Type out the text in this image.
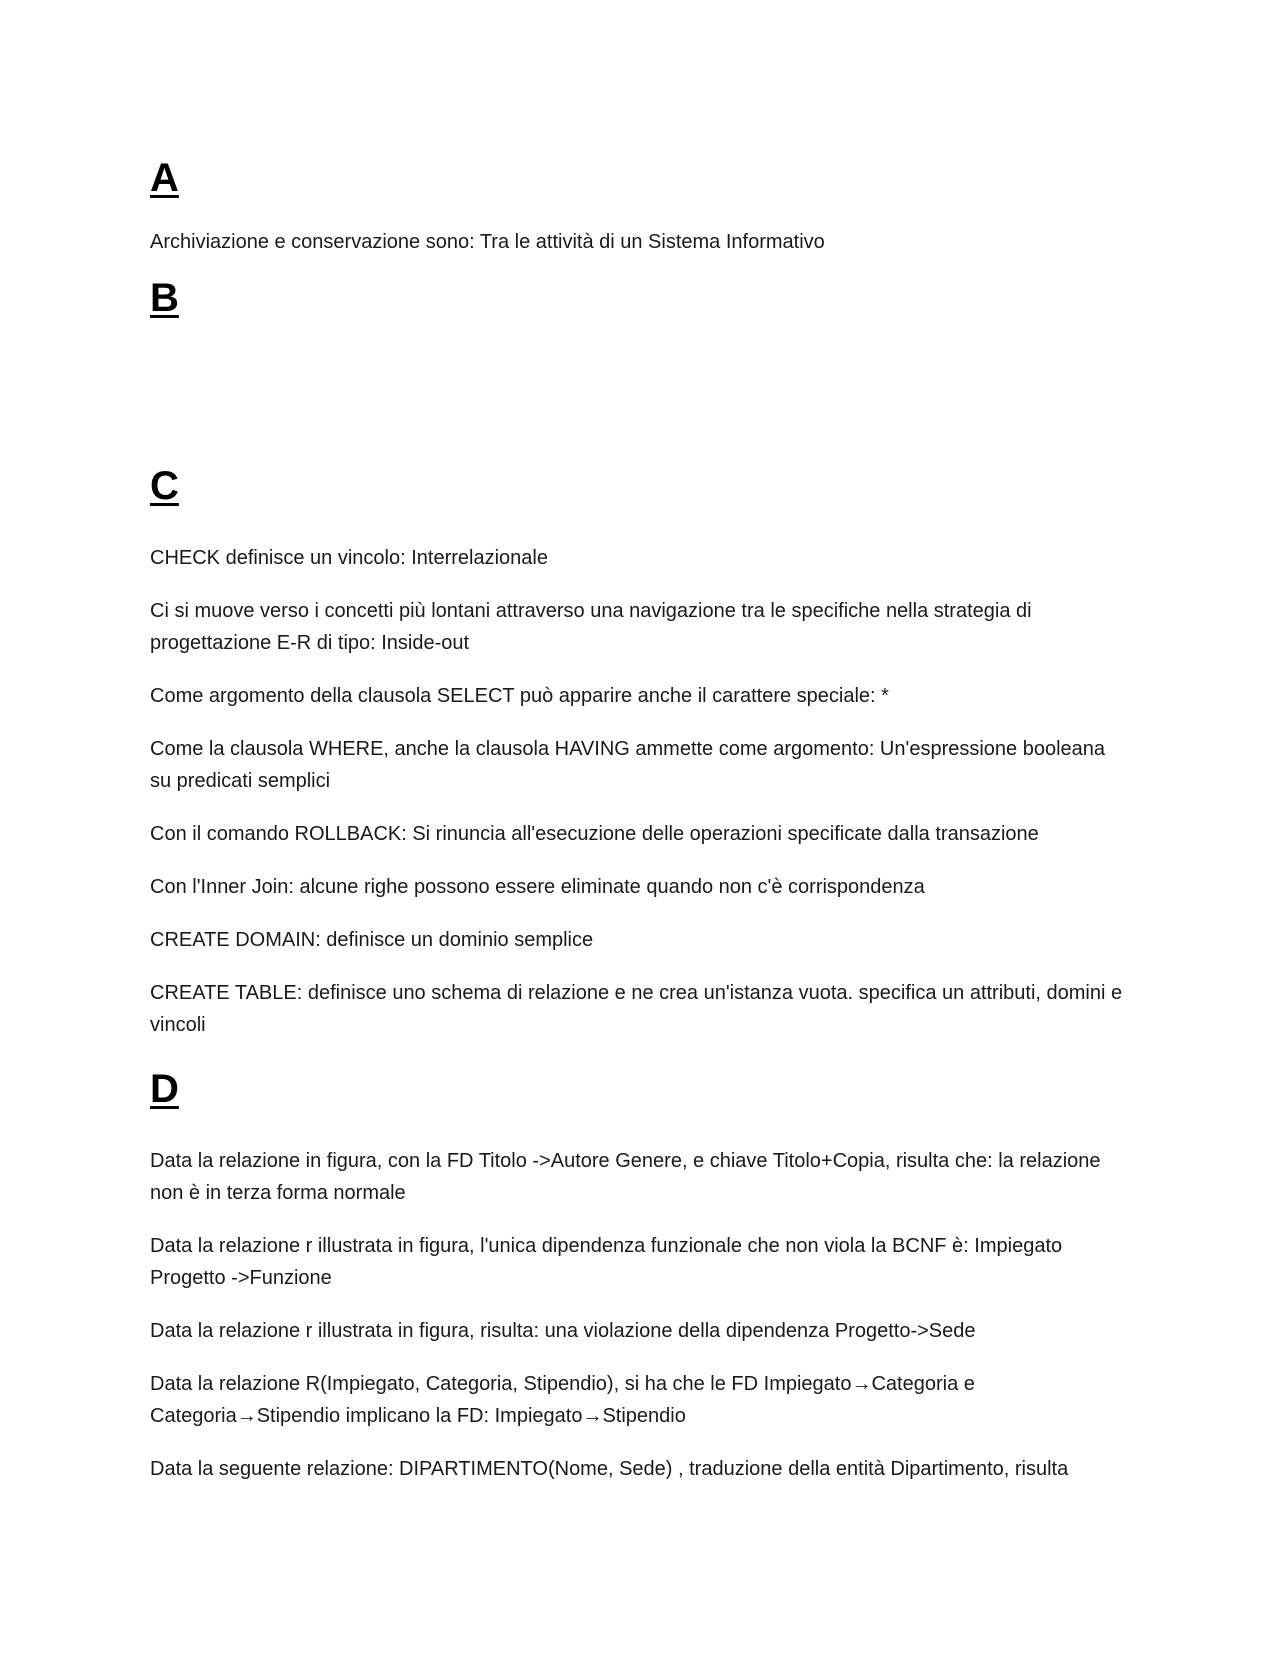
A

Archiviazione e conservazione sono: Tra le attività di un Sistema Informativo

B
C

CHECK definisce un vincolo: Interrelazionale

Ci si muove verso i concetti più lontani attraverso una navigazione tra le specifiche nella strategia di progettazione E-R di tipo: Inside-out

Come argomento della clausola SELECT può apparire anche il carattere speciale: *

Come la clausola WHERE, anche la clausola HAVING ammette come argomento: Un'espressione booleana su predicati semplici

Con il comando ROLLBACK: Si rinuncia all'esecuzione delle operazioni specificate dalla transazione

Con l'Inner Join: alcune righe possono essere eliminate quando non c'è corrispondenza

CREATE DOMAIN: definisce un dominio semplice

CREATE TABLE: definisce uno schema di relazione e ne crea un'istanza vuota. specifica un attributi, domini e vincoli

D

Data la relazione in figura, con la FD Titolo ->Autore Genere, e chiave Titolo+Copia, risulta che: la relazione non è in terza forma normale

Data la relazione r illustrata in figura, l'unica dipendenza funzionale che non viola la BCNF è: Impiegato Progetto ->Funzione

Data la relazione r illustrata in figura, risulta: una violazione della dipendenza Progetto->Sede

Data la relazione R(Impiegato, Categoria, Stipendio), si ha che le FD Impiegato→Categoria e Categoria→Stipendio implicano la FD: Impiegato→Stipendio

Data la seguente relazione: DIPARTIMENTO(Nome, Sede) , traduzione della entità Dipartimento, risulta
